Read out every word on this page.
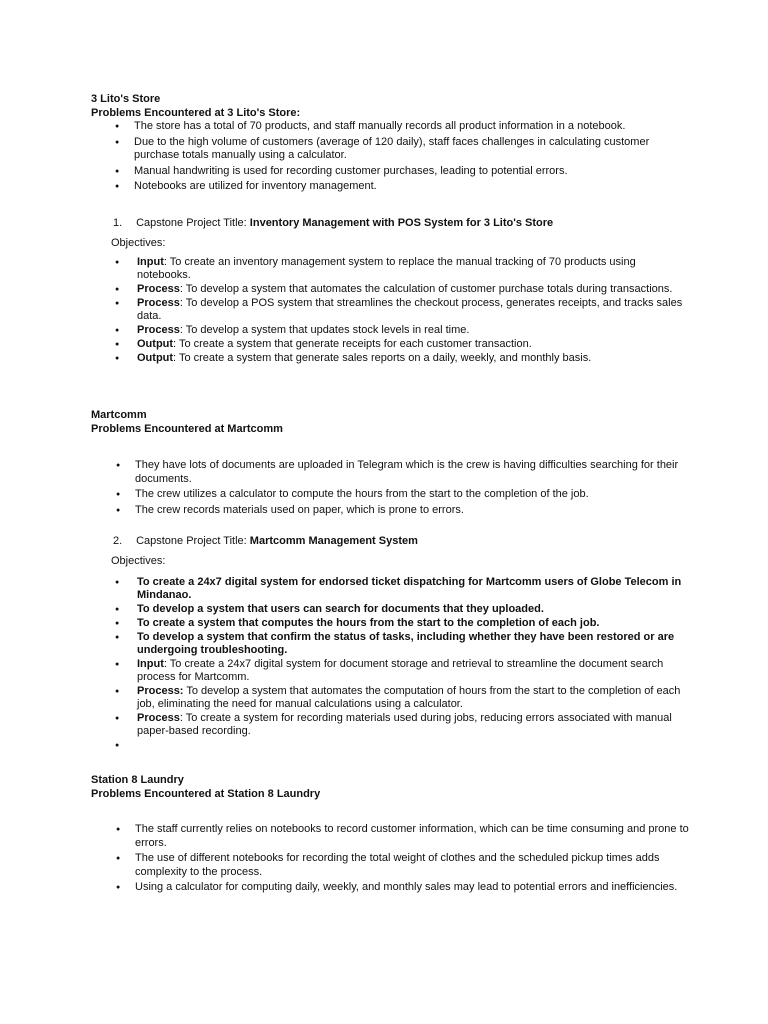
3 Lito's Store

Problems Encountered at 3 Lito's Store:

● The store has a total of 70 products, and staff manually records all product information in a notebook.
● Due to the high volume of customers (average of 120 daily), staff faces challenges in calculating customer purchase totals manually using a calculator.
● Manual handwriting is used for recording customer purchases, leading to potential errors.
● Notebooks are utilized for inventory management.
1. Capstone Project Title: Inventory Management with POS System for 3 Lito's Store
Objectives:
● Input: To create an inventory management system to replace the manual tracking of 70 products using notebooks.
● Process: To develop a system that automates the calculation of customer purchase totals during transactions.
● Process: To develop a POS system that streamlines the checkout process, generates receipts, and tracks sales data.
● Process: To develop a system that updates stock levels in real time.
● Output: To create a system that generate receipts for each customer transaction.
● Output: To create a system that generate sales reports on a daily, weekly, and monthly basis.

Martcomm

Problems Encountered at Martcomm

● They have lots of documents are uploaded in Telegram which is the crew is having difficulties searching for their documents.
● The crew utilizes a calculator to compute the hours from the start to the completion of the job.
● The crew records materials used on paper, which is prone to errors.
2. Capstone Project Title: Martcomm Management System
Objectives:
● To create a 24x7 digital system for endorsed ticket dispatching for Martcomm users of Globe Telecom in Mindanao.
● To develop a system that users can search for documents that they uploaded.
● To create a system that computes the hours from the start to the completion of each job.
● To develop a system that confirm the status of tasks, including whether they have been restored or are undergoing troubleshooting.
● Input: To create a 24x7 digital system for document storage and retrieval to streamline the document search process for Martcomm.
● Process: To develop a system that automates the computation of hours from the start to the completion of each job, eliminating the need for manual calculations using a calculator.
● Process: To create a system for recording materials used during jobs, reducing errors associated with manual paper-based recording.
●

Station 8 Laundry

Problems Encountered at Station 8 Laundry

● The staff currently relies on notebooks to record customer information, which can be time consuming and prone to errors.
● The use of different notebooks for recording the total weight of clothes and the scheduled pickup times adds complexity to the process.
● Using a calculator for computing daily, weekly, and monthly sales may lead to potential errors and inefficiencies.
